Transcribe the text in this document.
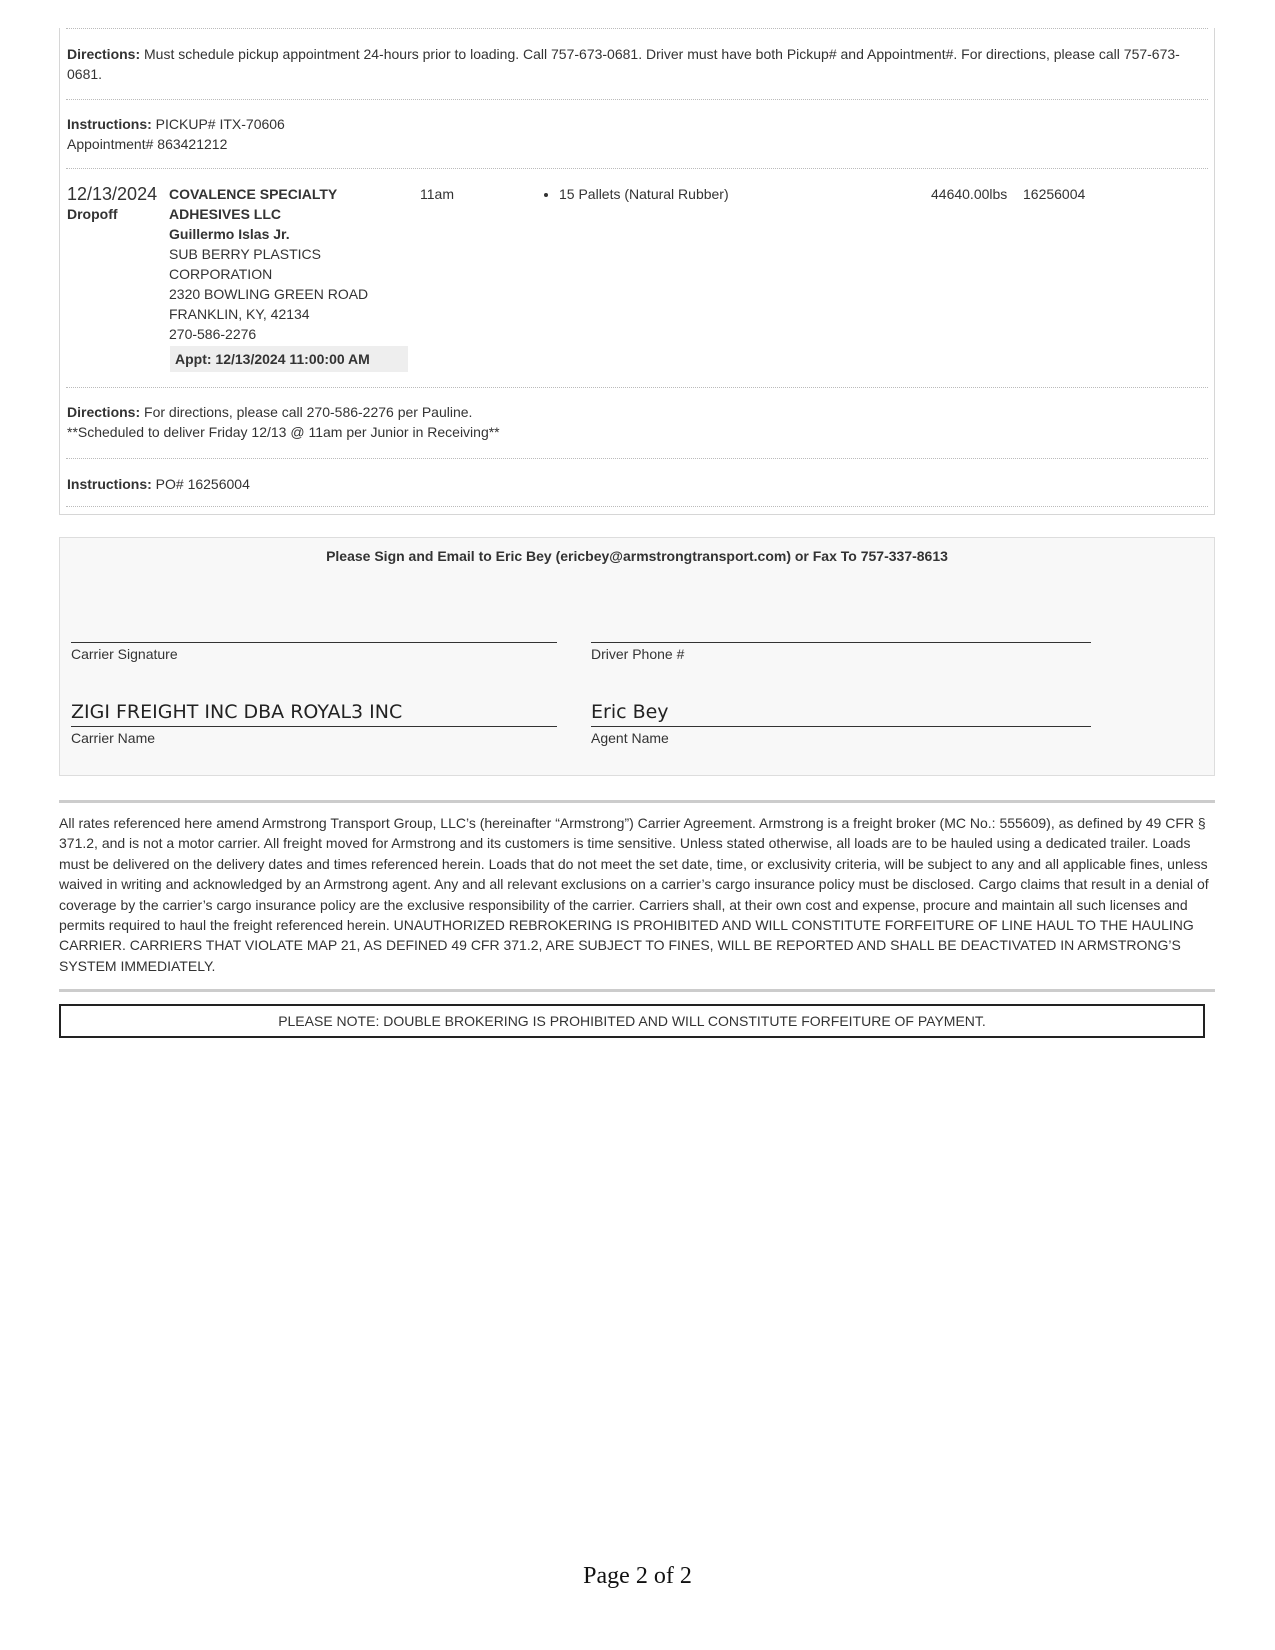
Directions: Must schedule pickup appointment 24-hours prior to loading. Call 757-673-0681. Driver must have both Pickup# and Appointment#. For directions, please call 757-673-0681.
Instructions: PICKUP# ITX-70606
Appointment# 863421212
12/13/2024
Dropoff
COVALENCE SPECIALTY
ADHESIVES LLC
Guillermo Islas Jr.
SUB BERRY PLASTICS
CORPORATION
2320 BOWLING GREEN ROAD
FRANKLIN, KY, 42134
270-586-2276
Appt: 12/13/2024 11:00:00 AM
11am
•	15 Pallets (Natural Rubber)	44640.00lbs 16256004
Directions: For directions, please call 270-586-2276 per Pauline.
**Scheduled to deliver Friday 12/13 @ 11am per Junior in Receiving**
Instructions: PO# 16256004
Please Sign and Email to Eric Bey (ericbey@armstrongtransport.com) or Fax To 757-337-8613
Carrier Signature	Driver Phone #
ZIGI FREIGHT INC DBA ROYAL3 INC
Carrier Name
Eric Bey
Agent Name
All rates referenced here amend Armstrong Transport Group, LLC’s (hereinafter “Armstrong”) Carrier Agreement. Armstrong is a freight broker (MC No.: 555609), as defined by 49 CFR § 371.2, and is not a motor carrier. All freight moved for Armstrong and its customers is time sensitive. Unless stated otherwise, all loads are to be hauled using a dedicated trailer. Loads must be delivered on the delivery dates and times referenced herein. Loads that do not meet the set date, time, or exclusivity criteria, will be subject to any and all applicable fines, unless waived in writing and acknowledged by an Armstrong agent. Any and all relevant exclusions on a carrier’s cargo insurance policy must be disclosed. Cargo claims that result in a denial of coverage by the carrier’s cargo insurance policy are the exclusive responsibility of the carrier. Carriers shall, at their own cost and expense, procure and maintain all such licenses and permits required to haul the freight referenced herein. UNAUTHORIZED REBROKERING IS PROHIBITED AND WILL CONSTITUTE FORFEITURE OF LINE HAUL TO THE HAULING CARRIER. CARRIERS THAT VIOLATE MAP 21, AS DEFINED 49 CFR 371.2, ARE SUBJECT TO FINES, WILL BE REPORTED AND SHALL BE DEACTIVATED IN ARMSTRONG’S SYSTEM IMMEDIATELY.
PLEASE NOTE: DOUBLE BROKERING IS PROHIBITED AND WILL CONSTITUTE FORFEITURE OF PAYMENT.
Page 2 of 2
